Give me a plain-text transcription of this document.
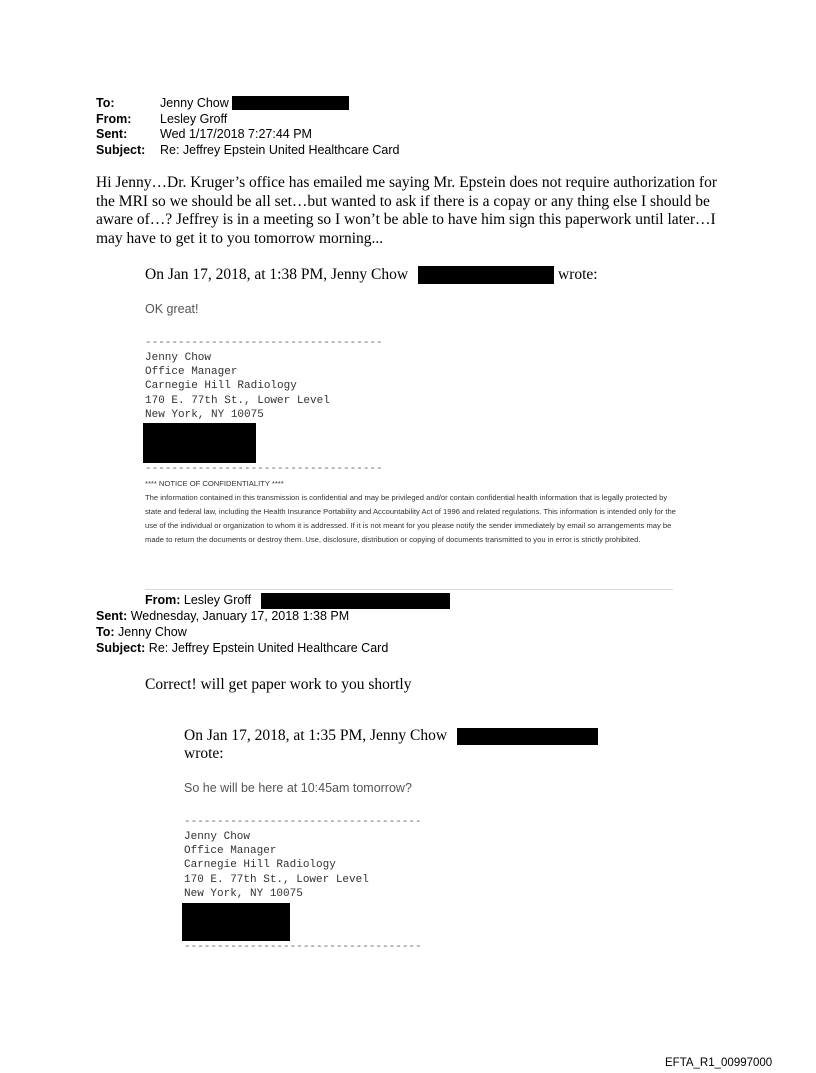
To:	Jenny Chow
From: Lesley Groff
Sent:	Wed 1/17/2018 7:27:44 PM
Subject: Re: Jeffrey Epstein United Healthcare Card
Hi Jenny…Dr. Kruger’s office has emailed me saying Mr. Epstein does not require authorization for the MRI so we should be all set…but wanted to ask if there is a copay or any thing else I should be aware of…? Jeffrey is in a meeting so I won’t be able to have him sign this paperwork until later…I may have to get it to you tomorrow morning...
On Jan 17, 2018, at 1:38 PM, Jenny Chow	wrote:
OK great!
------------------------------------
Jenny Chow
Office Manager
Carnegie Hill Radiology
170 E. 77th St., Lower Level
New York, NY 10075
------------------------------------
**** NOTICE OF CONFIDENTIALITY ****
The information contained in this transmission is confidential and may be privileged and/or contain confidential health information that is legally protected by state and federal law, including the Health Insurance Portability and Accountability Act of 1996 and related regulations. This information is intended only for the use of the individual or organization to whom it is addressed. If it is not meant for you please notify the sender immediately by email so arrangements may be made to return the documents or destroy them. Use, disclosure, distribution or copying of documents transmitted to you in error is strictly prohibited.
From: Lesley Groff
Sent: Wednesday, January 17, 2018 1:38 PM
To: Jenny Chow
Subject: Re: Jeffrey Epstein United Healthcare Card
Correct! will get paper work to you shortly
On Jan 17, 2018, at 1:35 PM, Jenny Chow
wrote:
So he will be here at 10:45am tomorrow?
------------------------------------
Jenny Chow
Office Manager
Carnegie Hill Radiology
170 E. 77th St., Lower Level
New York, NY 10075
------------------------------------
EFTA_R1_00997000
